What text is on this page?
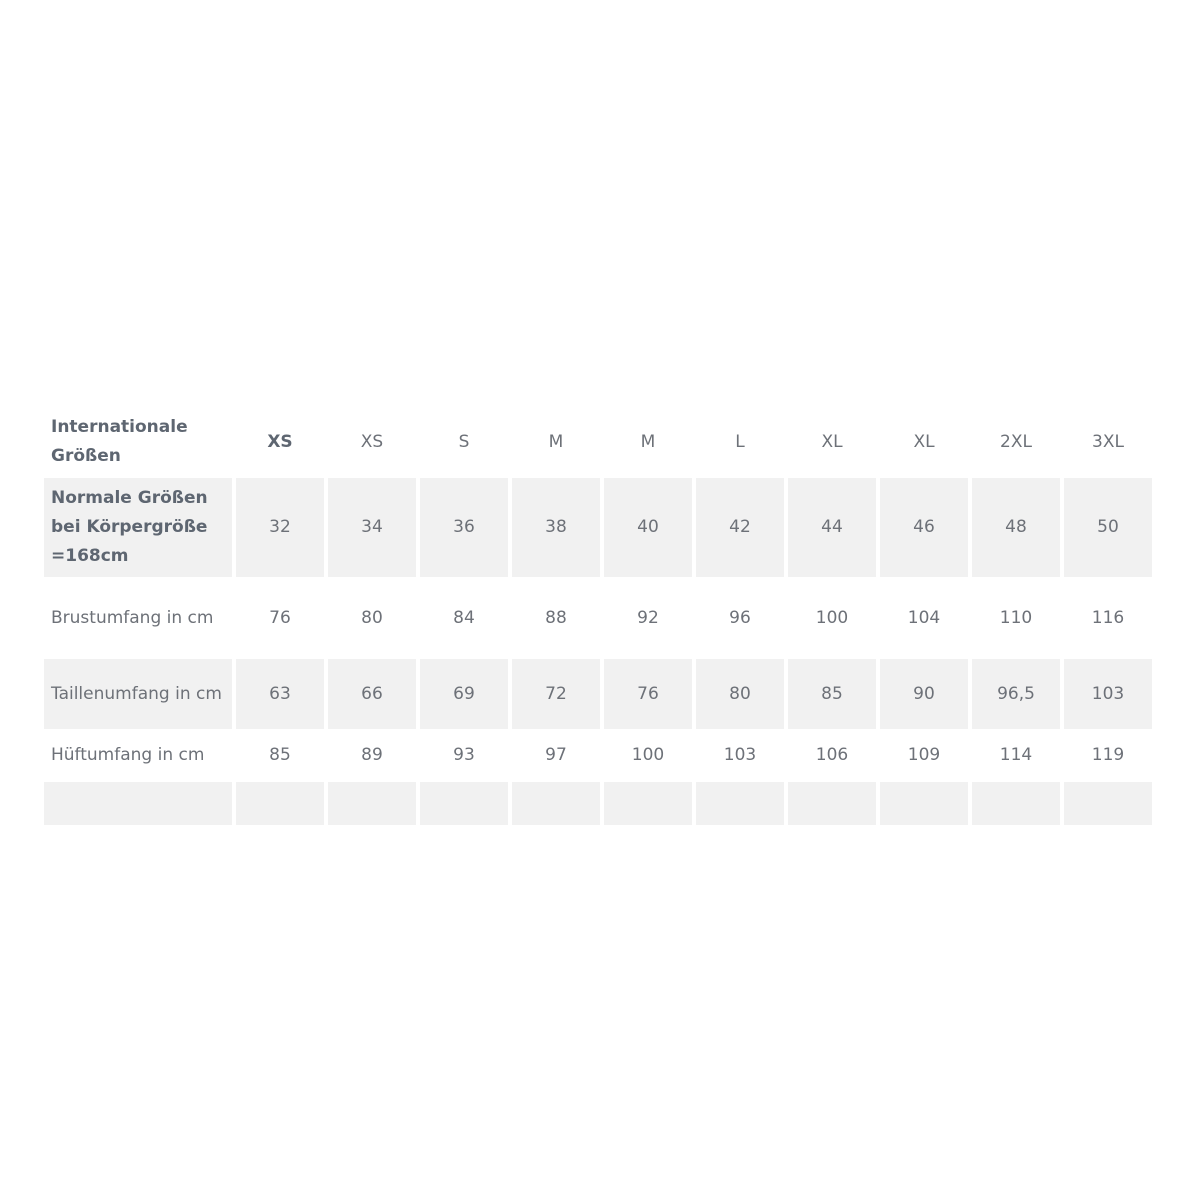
Internationale Größen	XS	XS	S	M	M	L	XL	XL	2XL	3XL
Normale Größen bei Körpergröße =168cm	32	34	36	38	40	42	44	46	48	50
Brustumfang in cm	76	80	84	88	92	96	100	104	110	116
Taillenumfang in cm	63	66	69	72	76	80	85	90	96,5	103
Hüftumfang in cm	85	89	93	97	100	103	106	109	114	119
